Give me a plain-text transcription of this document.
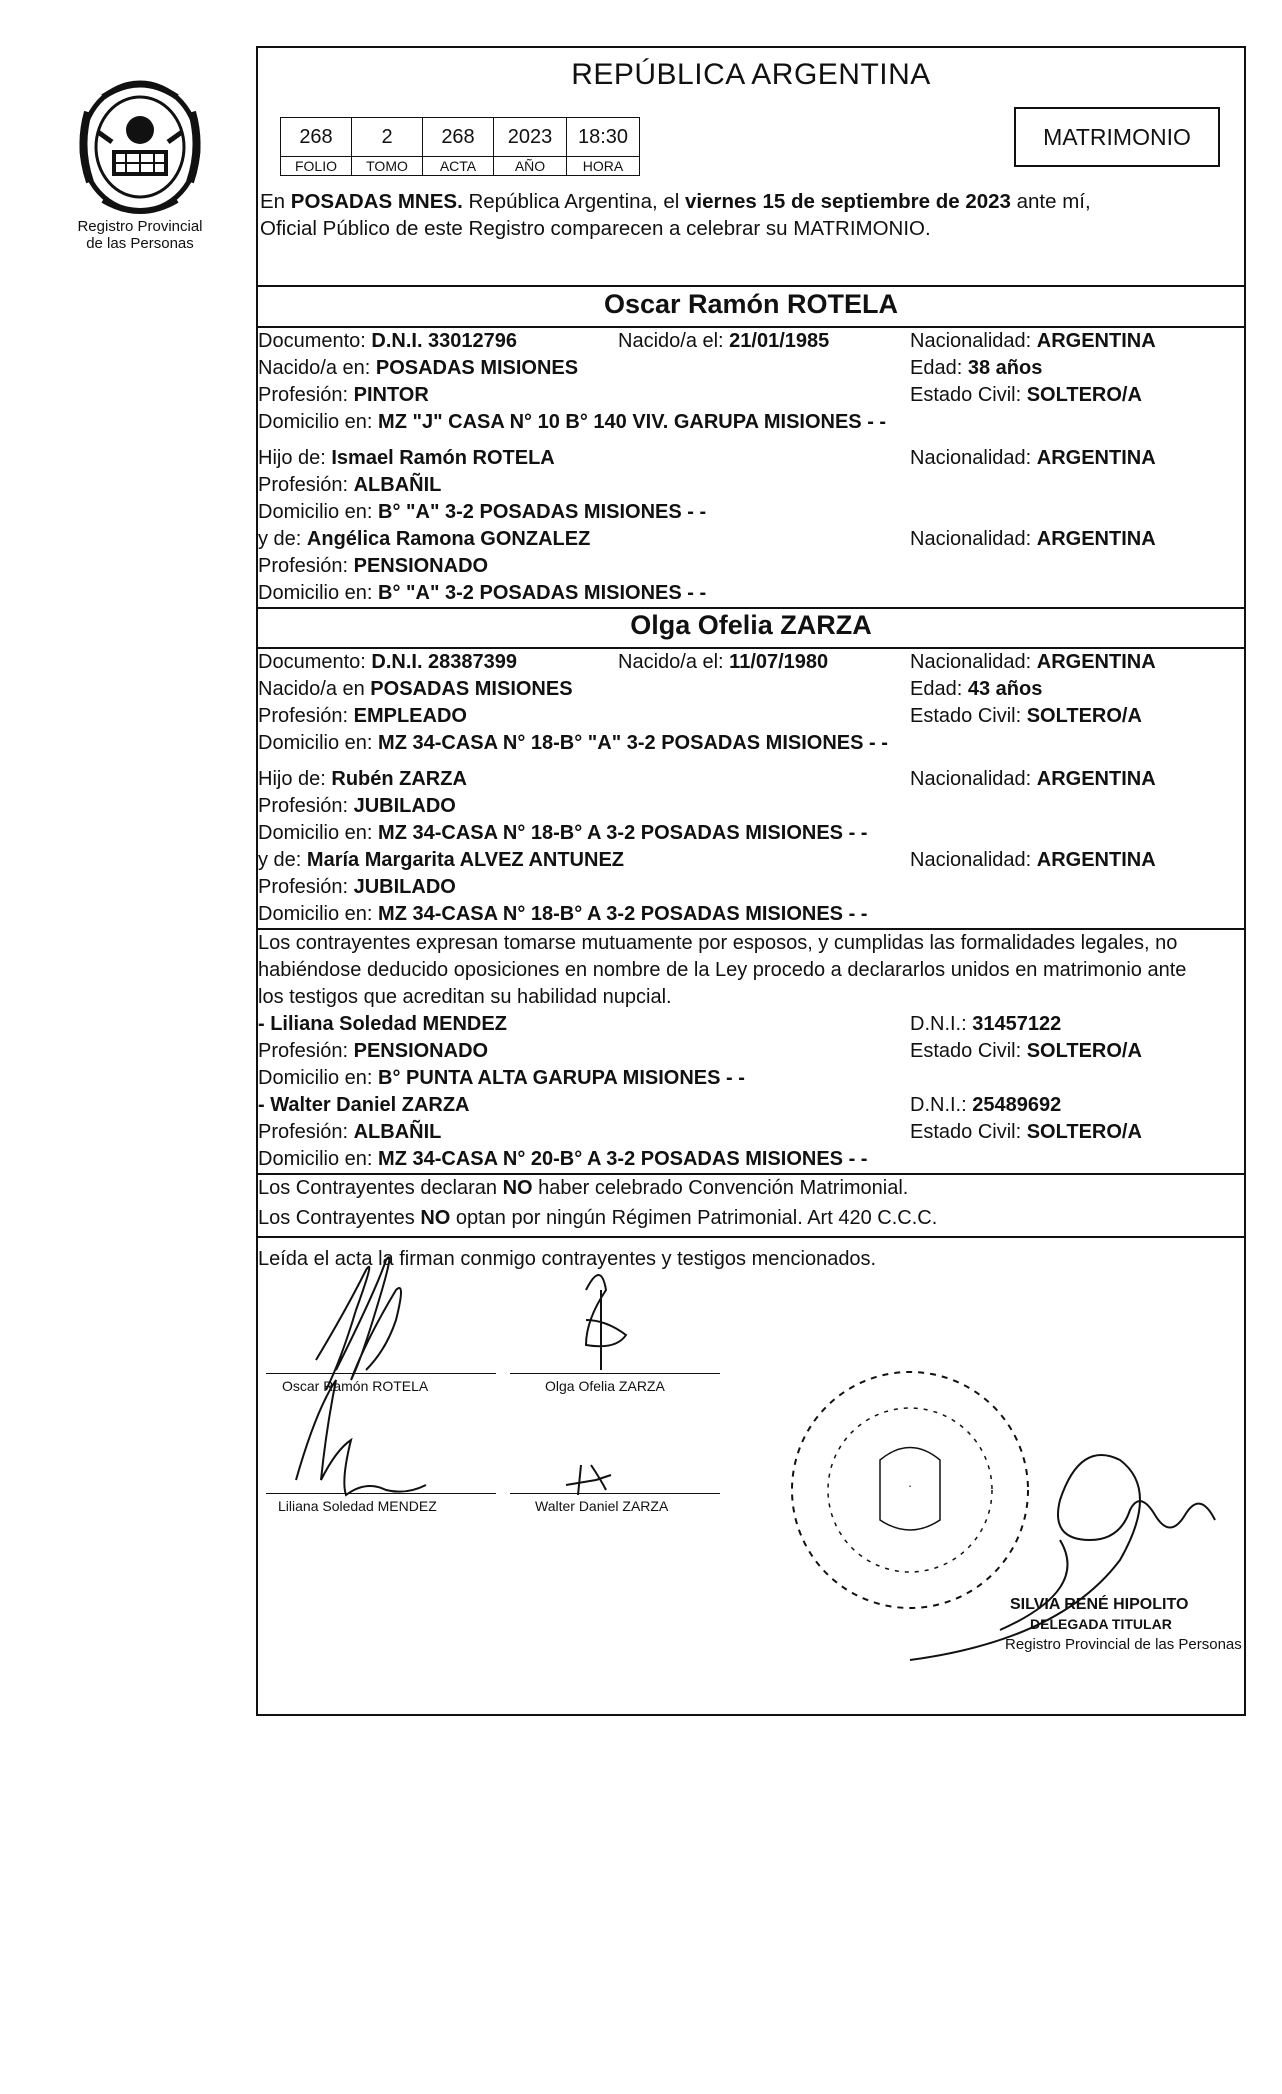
Registro Provincial
de las Personas
REPÚBLICA ARGENTINA
268	2	268	2023	18:30
FOLIO	TOMO	ACTA	AÑO	HORA
MATRIMONIO
En POSADAS MNES. República Argentina, el viernes 15 de septiembre de 2023 ante mí,
Oficial Público de este Registro comparecen a celebrar su MATRIMONIO.
Oscar Ramón ROTELA
Documento: D.N.I. 33012796	Nacido/a el: 21/01/1985	Nacionalidad: ARGENTINA
Nacido/a en: POSADAS MISIONES	Edad: 38 años
Profesión: PINTOR	Estado Civil: SOLTERO/A
Domicilio en: MZ "J" CASA N° 10 B° 140 VIV. GARUPA MISIONES - -
Hijo de: Ismael Ramón ROTELA	Nacionalidad: ARGENTINA
Profesión: ALBAÑIL
Domicilio en: B° "A" 3-2 POSADAS MISIONES - -
y de: Angélica Ramona GONZALEZ	Nacionalidad: ARGENTINA
Profesión: PENSIONADO
Domicilio en: B° "A" 3-2 POSADAS MISIONES - -
Olga Ofelia ZARZA
Documento: D.N.I. 28387399	Nacido/a el: 11/07/1980	Nacionalidad: ARGENTINA
Nacido/a en POSADAS MISIONES	Edad: 43 años
Profesión: EMPLEADO	Estado Civil: SOLTERO/A
Domicilio en: MZ 34-CASA N° 18-B° "A" 3-2 POSADAS MISIONES - -
Hijo de: Rubén ZARZA	Nacionalidad: ARGENTINA
Profesión: JUBILADO
Domicilio en: MZ 34-CASA N° 18-B° A 3-2 POSADAS MISIONES - -
y de: María Margarita ALVEZ ANTUNEZ	Nacionalidad: ARGENTINA
Profesión: JUBILADO
Domicilio en: MZ 34-CASA N° 18-B° A 3-2 POSADAS MISIONES - -
Los contrayentes expresan tomarse mutuamente por esposos, y cumplidas las formalidades legales, no
habiéndose deducido oposiciones en nombre de la Ley procedo a declararlos unidos en matrimonio ante
los testigos que acreditan su habilidad nupcial.
- Liliana Soledad MENDEZ	D.N.I.: 31457122
Profesión: PENSIONADO	Estado Civil: SOLTERO/A
Domicilio en: B° PUNTA ALTA GARUPA MISIONES - -
- Walter Daniel ZARZA	D.N.I.: 25489692
Profesión: ALBAÑIL	Estado Civil: SOLTERO/A
Domicilio en: MZ 34-CASA N° 20-B° A 3-2 POSADAS MISIONES - -
Los Contrayentes declaran NO haber celebrado Convención Matrimonial.
Los Contrayentes NO optan por ningún Régimen Patrimonial. Art 420 C.C.C.
Leída el acta la firman conmigo contrayentes y testigos mencionados.
Oscar Ramón ROTELA	Olga Ofelia ZARZA
Liliana Soledad MENDEZ	Walter Daniel ZARZA
·
SILVIA RENÉ HIPOLITO
DELEGADA TITULAR
Registro Provincial de las Personas
